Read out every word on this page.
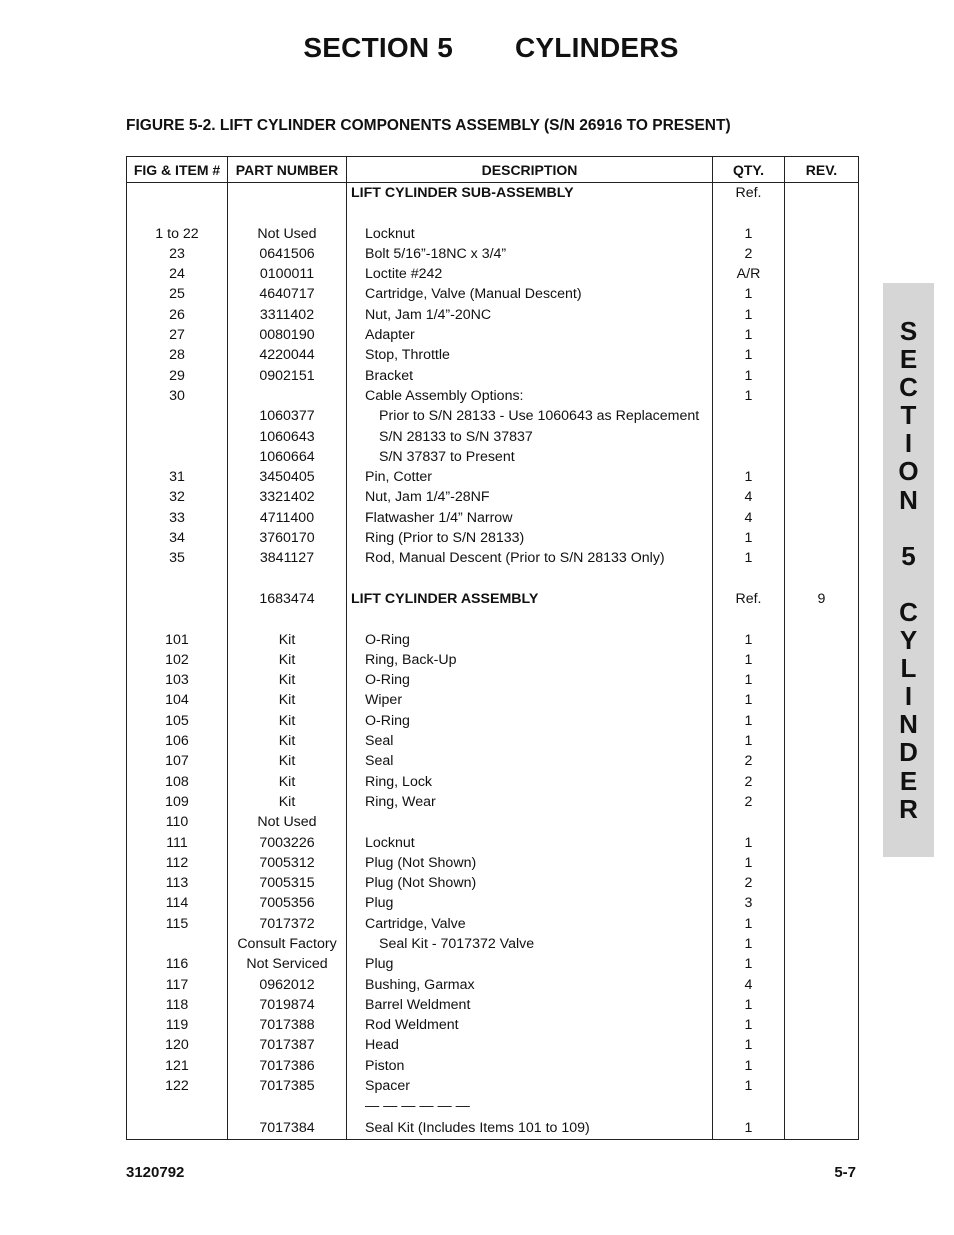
SECTION 5 CYLINDERS
FIGURE 5-2. LIFT CYLINDER COMPONENTS ASSEMBLY (S/N 26916 TO PRESENT)
FIG & ITEM #	PART NUMBER	DESCRIPTION	QTY.	REV.
		LIFT CYLINDER SUB-ASSEMBLY	Ref.	

1 to 22	Not Used	Locknut	1	
23	0641506	Bolt 5/16”-18NC x 3/4”	2	
24	0100011	Loctite #242	A/R	
25	4640717	Cartridge, Valve (Manual Descent)	1	
26	3311402	Nut, Jam 1/4”-20NC	1	
27	0080190	Adapter	1	
28	4220044	Stop, Throttle	1	
29	0902151	Bracket	1	
30		Cable Assembly Options:	1	
	1060377	Prior to S/N 28133 - Use 1060643 as Replacement		
	1060643	S/N 28133 to S/N 37837		
	1060664	S/N 37837 to Present		
31	3450405	Pin, Cotter	1	
32	3321402	Nut, Jam 1/4”-28NF	4	
33	4711400	Flatwasher 1/4” Narrow	4	
34	3760170	Ring (Prior to S/N 28133)	1	
35	3841127	Rod, Manual Descent (Prior to S/N 28133 Only)	1	

	1683474	LIFT CYLINDER ASSEMBLY	Ref.	9

101	Kit	O-Ring	1	
102	Kit	Ring, Back-Up	1	
103	Kit	O-Ring	1	
104	Kit	Wiper	1	
105	Kit	O-Ring	1	
106	Kit	Seal	1	
107	Kit	Seal	2	
108	Kit	Ring, Lock	2	
109	Kit	Ring, Wear	2	
110	Not Used			
111	7003226	Locknut	1	
112	7005312	Plug (Not Shown)	1	
113	7005315	Plug (Not Shown)	2	
114	7005356	Plug	3	
115	7017372	Cartridge, Valve	1	
	Consult Factory	Seal Kit - 7017372 Valve	1	
116	Not Serviced	Plug	1	
117	0962012	Bushing, Garmax	4	
118	7019874	Barrel Weldment	1	
119	7017388	Rod Weldment	1	
120	7017387	Head	1	
121	7017386	Piston	1	
122	7017385	Spacer	1	
		— — — — — —		
	7017384	Seal Kit (Includes Items 101 to 109)	1	
3120792	5-7
S
E
C
T
I
O
N

5

C
Y
L
I
N
D
E
R
